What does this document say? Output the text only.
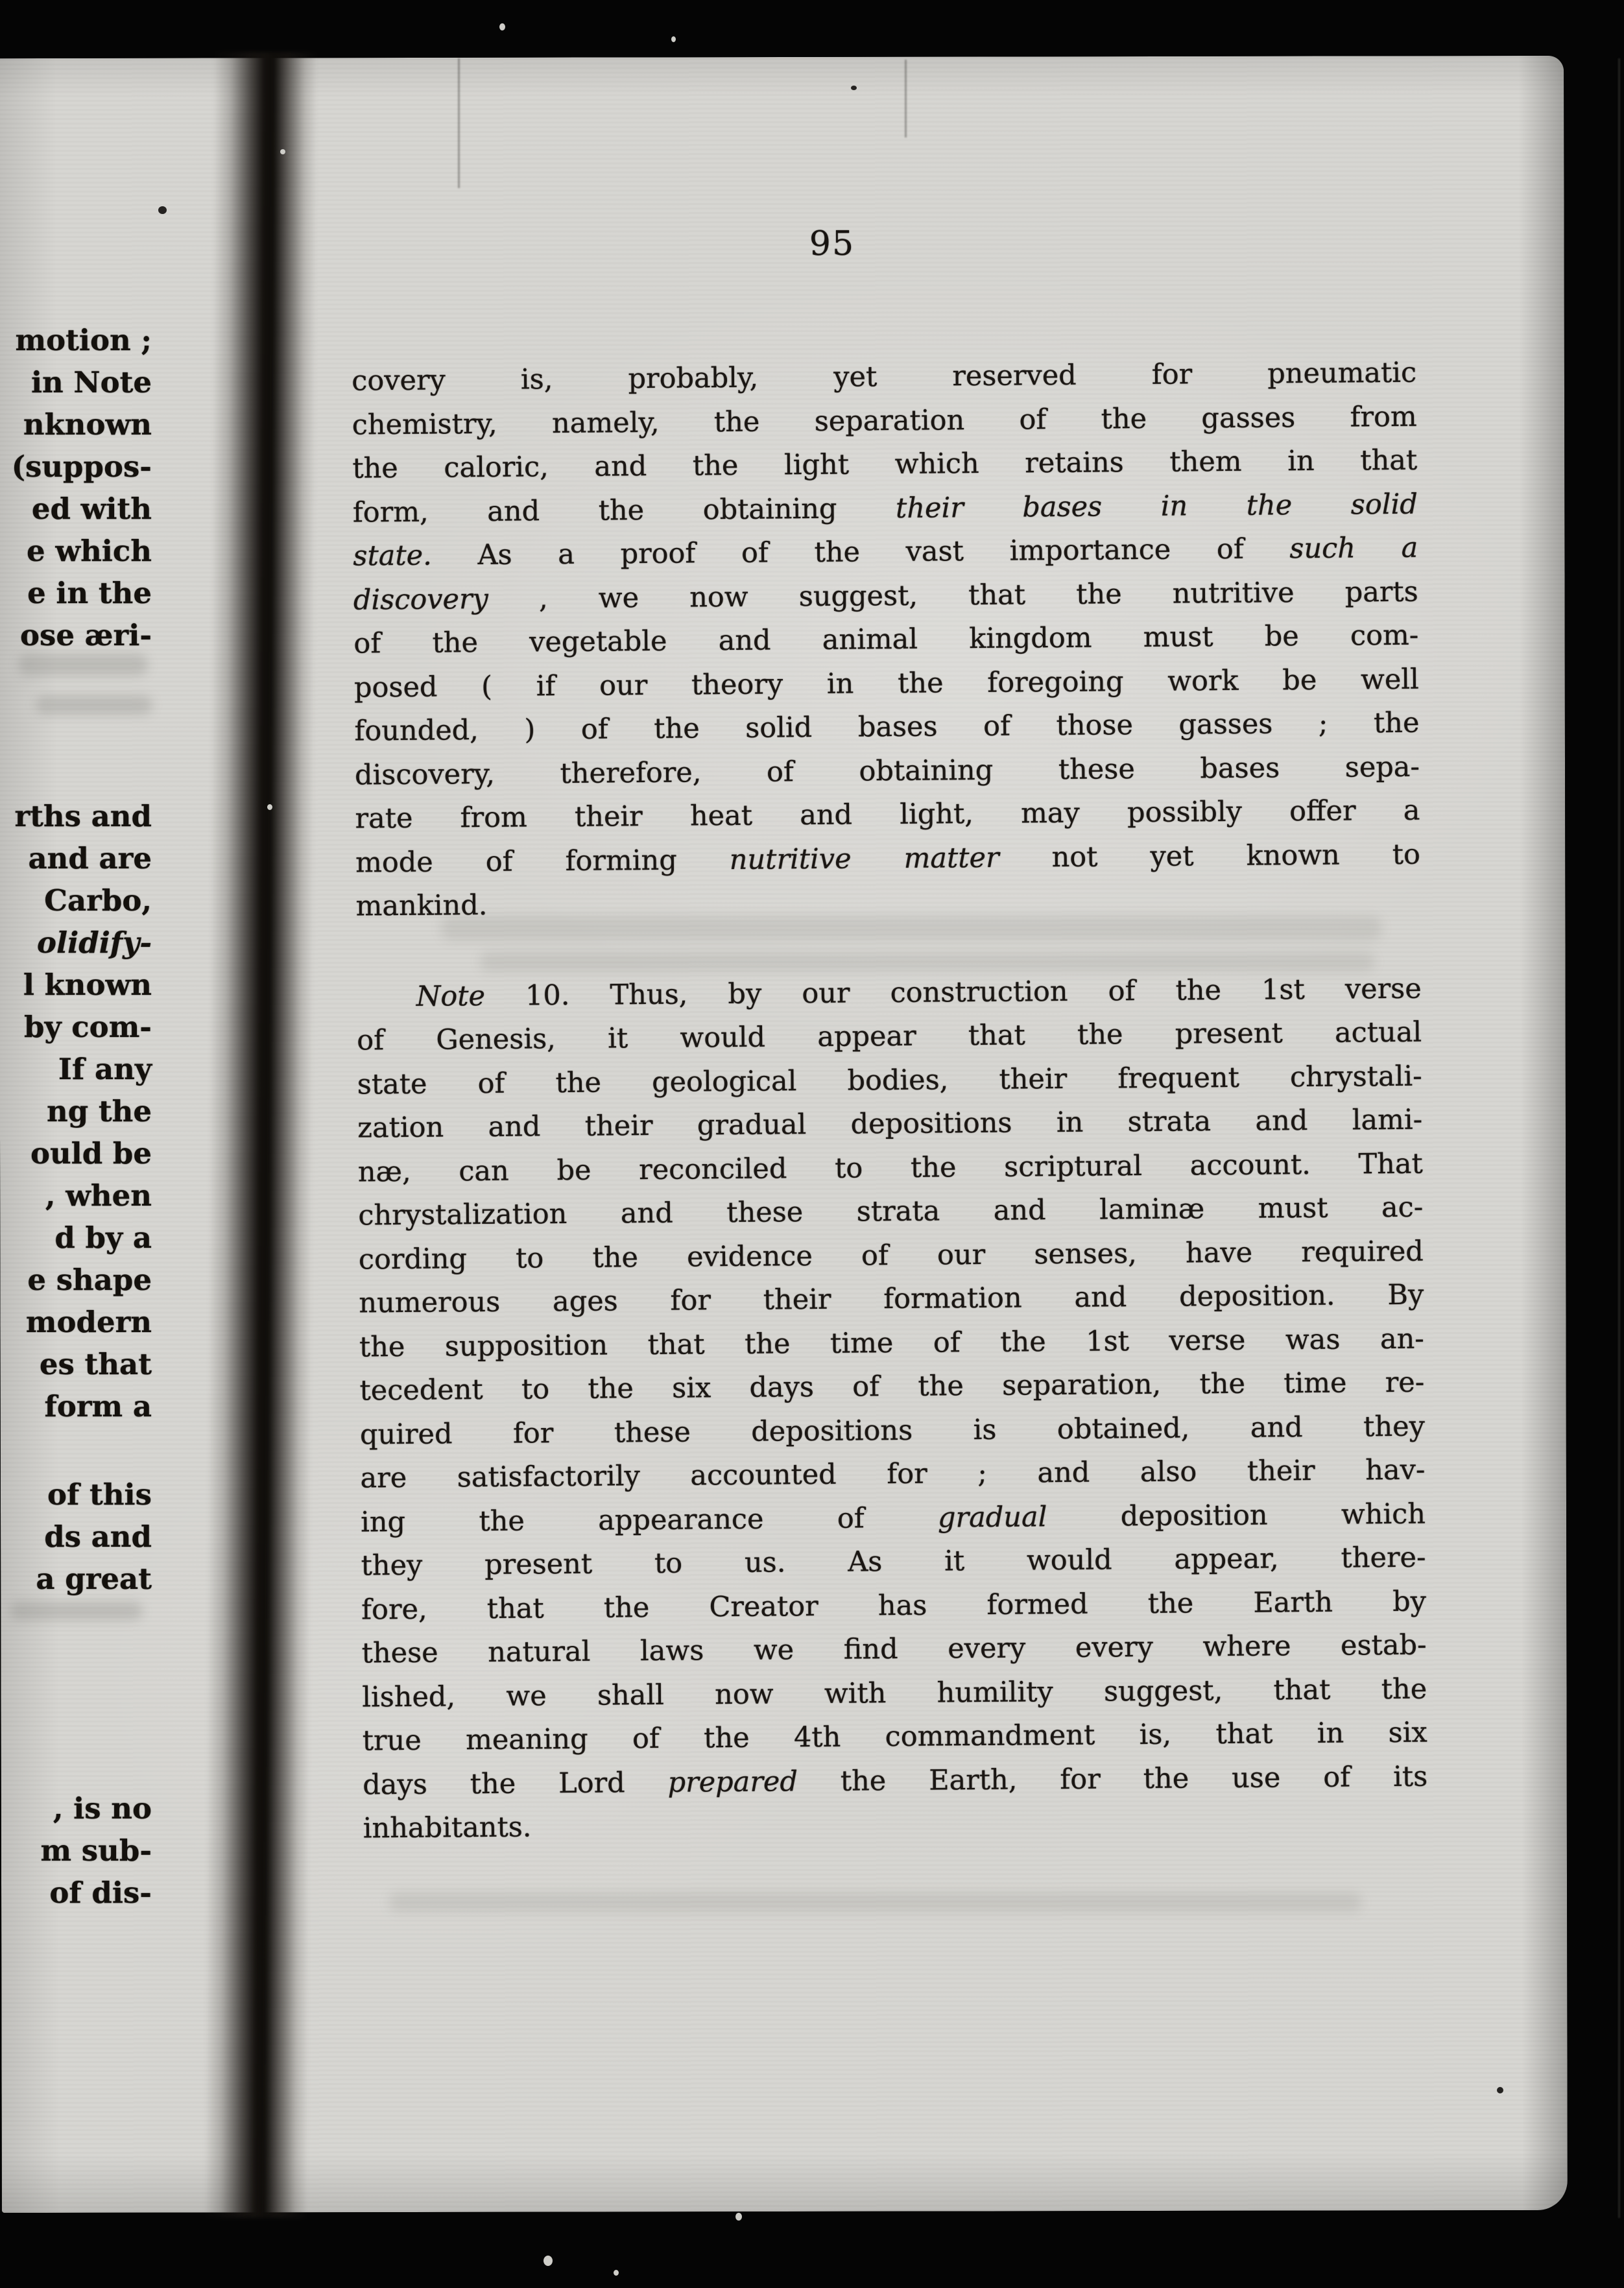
motion ;
in Note
nknown
(suppos-
ed with
e which
e in the
ose æri-
rths and
and are
Carbo,
olidify-
l known
by com-
If any
ng the
ould be
, when
d by a
e shape
modern
es that
form a
of this
ds and
a great
, is no
m sub-
of dis-
95
covery	is,	probably,	yet	reserved	for	pneumatic
chemistry, namely, the separation of the gasses from
the caloric, and the light which retains them in that
form, and the obtaining their bases in the solid
state. As a proof of the vast importance of such a
discovery , we now suggest, that the nutritive parts
of the vegetable and animal kingdom must be com-
posed ( if our theory in the foregoing work be well
founded, ) of the solid bases of those gasses ; the
discovery, therefore, of obtaining these bases sepa-
rate from their heat and light, may possibly offer a
mode of forming nutritive matter not yet known to
mankind.
Note 10. Thus, by our construction of the 1st verse
of Genesis, it would appear that the present actual
state of the geological bodies, their frequent chrystali-
zation and their gradual depositions in strata and lami-
næ, can be reconciled to the scriptural account. That
chrystalization and these strata and laminæ must ac-
cording to the evidence of our senses, have required
numerous ages for their formation and deposition. By
the supposition that the time of the 1st verse was an-
tecedent to the six days of the separation, the time re-
quired for these depositions is obtained, and they
are satisfactorily accounted for ; and also their hav-
ing	the	appearance	of	gradual	deposition	which
they present to us. As it would appear, there-
fore, that the Creator has formed the Earth by
these natural laws we find every every where estab-
lished, we shall now with humility suggest, that the
true meaning of the 4th commandment is, that in six
days the Lord prepared the Earth, for the use of its
inhabitants.
